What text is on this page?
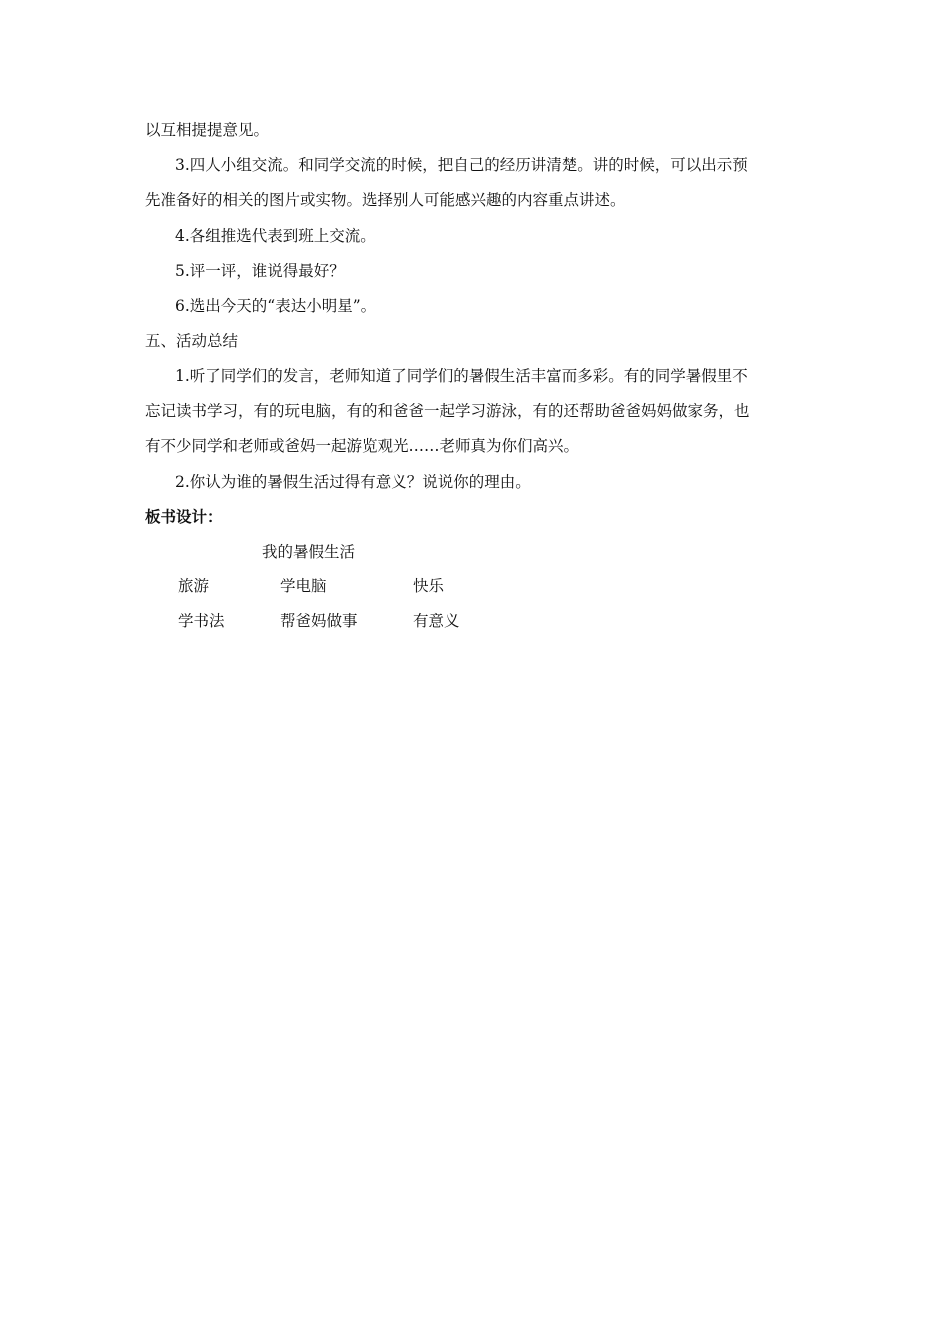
以互相提提意见。
3.四人小组交流。和同学交流的时候，把自己的经历讲清楚。讲的时候，可以出示预
先准备好的相关的图片或实物。选择别人可能感兴趣的内容重点讲述。
4.各组推选代表到班上交流。
5.评一评，谁说得最好？
6.选出今天的“表达小明星”。
五、活动总结
1.听了同学们的发言，老师知道了同学们的暑假生活丰富而多彩。有的同学暑假里不
忘记读书学习，有的玩电脑，有的和爸爸一起学习游泳，有的还帮助爸爸妈妈做家务，也
有不少同学和老师或爸妈一起游览观光……老师真为你们高兴。
2.你认为谁的暑假生活过得有意义？说说你的理由。
板书设计：
我的暑假生活
旅游	学电脑	快乐
学书法	帮爸妈做事	有意义
